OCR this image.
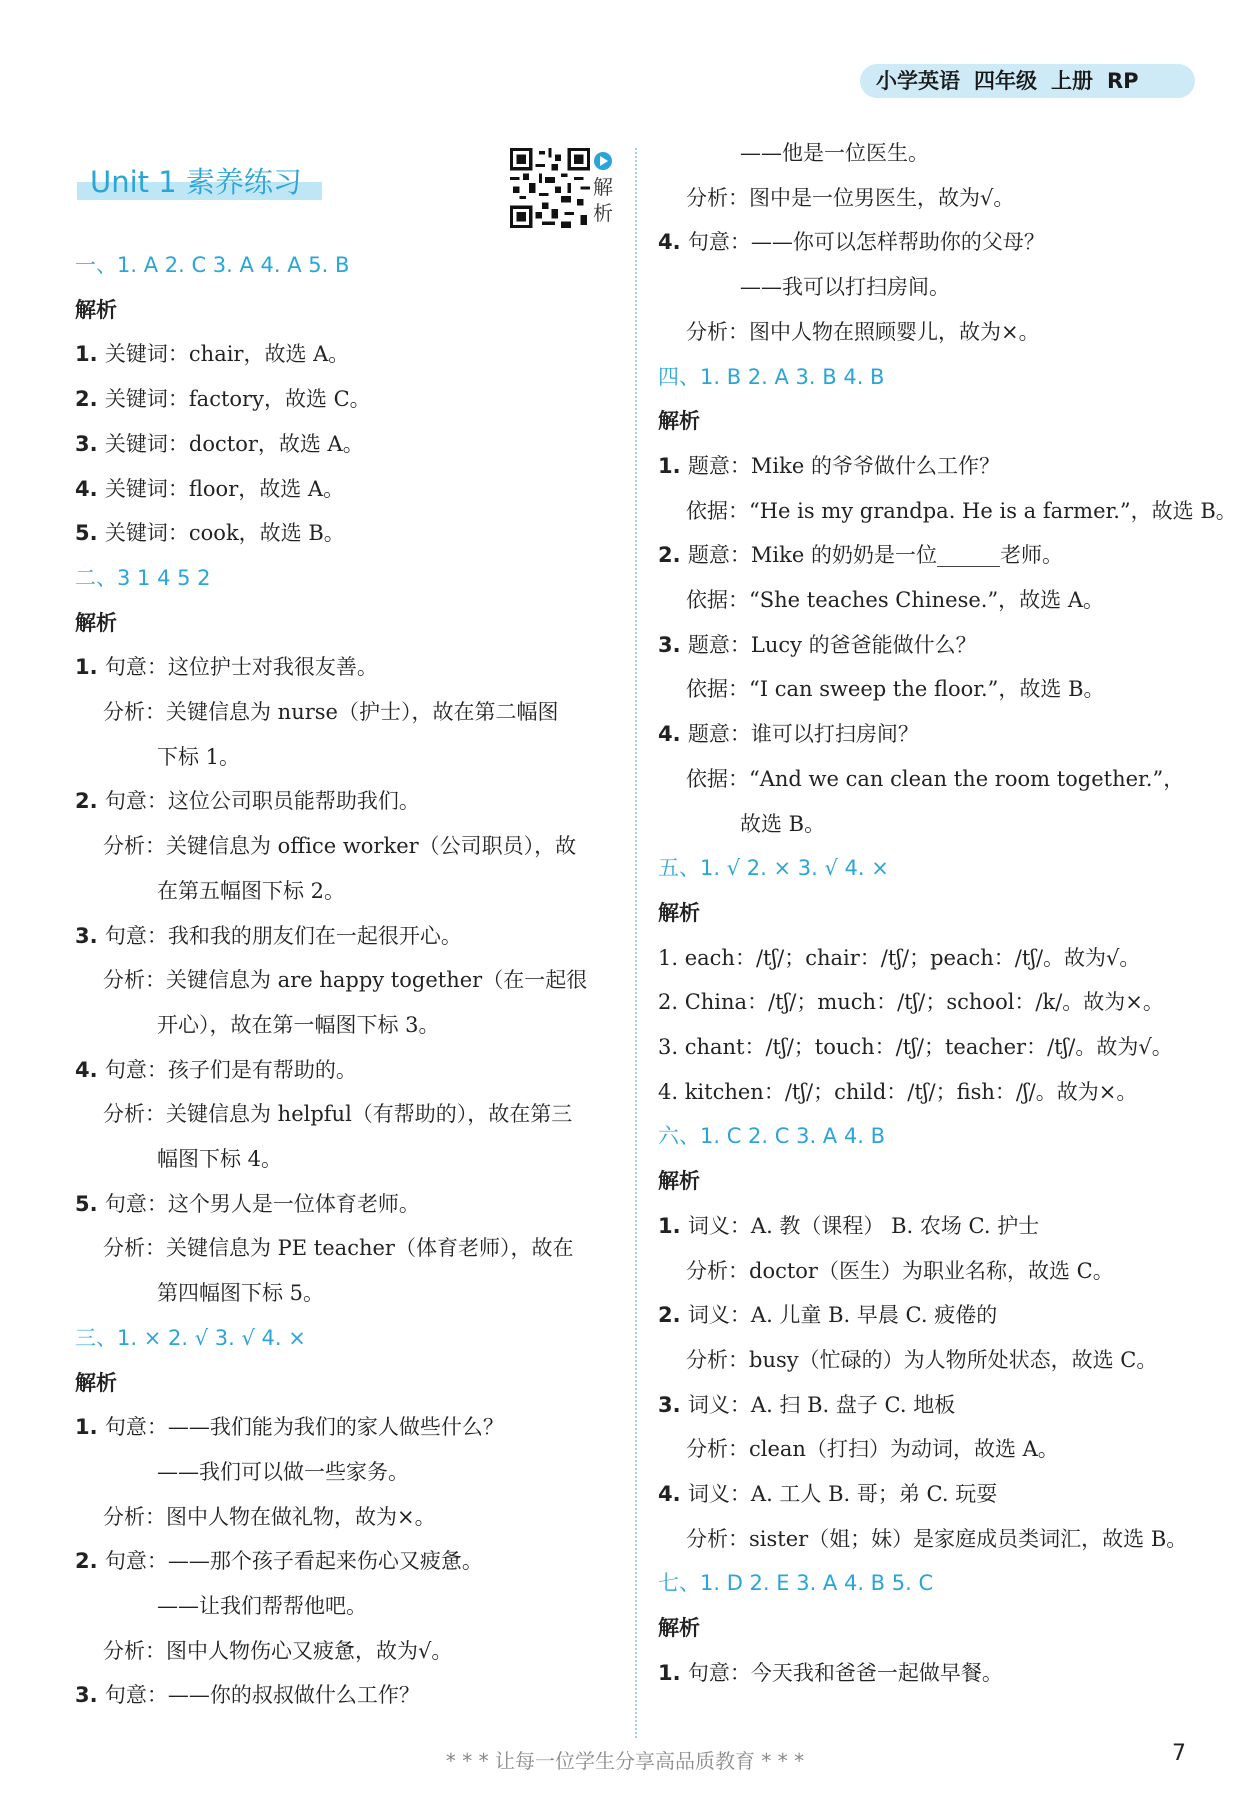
小学英语 四年级 上册 RP
Unit 1 素养练习	解析
一、1. A 2. C 3. A 4. A 5. B
解析
1. 关键词：chair，故选 A。
2. 关键词：factory，故选 C。
3. 关键词：doctor，故选 A。
4. 关键词：floor，故选 A。
5. 关键词：cook，故选 B。
二、3 1 4 5 2
解析
1. 句意：这位护士对我很友善。
分析：关键信息为 nurse（护士），故在第二幅图
下标 1。
2. 句意：这位公司职员能帮助我们。
分析：关键信息为 office worker（公司职员），故
在第五幅图下标 2。
3. 句意：我和我的朋友们在一起很开心。
分析：关键信息为 are happy together（在一起很
开心），故在第一幅图下标 3。
4. 句意：孩子们是有帮助的。
分析：关键信息为 helpful（有帮助的），故在第三
幅图下标 4。
5. 句意：这个男人是一位体育老师。
分析：关键信息为 PE teacher（体育老师），故在
第四幅图下标 5。
三、1. × 2. √ 3. √ 4. ×
解析
1. 句意：——我们能为我们的家人做些什么？
——我们可以做一些家务。
分析：图中人物在做礼物，故为×。
2. 句意：——那个孩子看起来伤心又疲惫。
——让我们帮帮他吧。
分析：图中人物伤心又疲惫，故为√。
3. 句意：——你的叔叔做什么工作？
——他是一位医生。
分析：图中是一位男医生，故为√。
4. 句意：——你可以怎样帮助你的父母？
——我可以打扫房间。
分析：图中人物在照顾婴儿，故为×。
四、1. B 2. A 3. B 4. B
解析
1. 题意：Mike 的爷爷做什么工作？
依据：“He is my grandpa. He is a farmer.”，故选 B。
2. 题意：Mike 的奶奶是一位______老师。
依据：“She teaches Chinese.”，故选 A。
3. 题意：Lucy 的爸爸能做什么？
依据：“I can sweep the floor.”，故选 B。
4. 题意：谁可以打扫房间？
依据：“And we can clean the room together.”，
故选 B。
五、1. √ 2. × 3. √ 4. ×
解析
1. each：/tʃ/；chair：/tʃ/；peach：/tʃ/。故为√。
2. China：/tʃ/；much：/tʃ/；school：/k/。故为×。
3. chant：/tʃ/；touch：/tʃ/；teacher：/tʃ/。故为√。
4. kitchen：/tʃ/；child：/tʃ/；fish：/ʃ/。故为×。
六、1. C 2. C 3. A 4. B
解析
1. 词义：A. 教（课程） B. 农场 C. 护士
分析：doctor（医生）为职业名称，故选 C。
2. 词义：A. 儿童 B. 早晨 C. 疲倦的
分析：busy（忙碌的）为人物所处状态，故选 C。
3. 词义：A. 扫 B. 盘子 C. 地板
分析：clean（打扫）为动词，故选 A。
4. 词义：A. 工人 B. 哥；弟 C. 玩耍
分析：sister（姐；妹）是家庭成员类词汇，故选 B。
七、1. D 2. E 3. A 4. B 5. C
解析
1. 句意：今天我和爸爸一起做早餐。
* * * 让每一位学生分享高品质教育 * * *	7
